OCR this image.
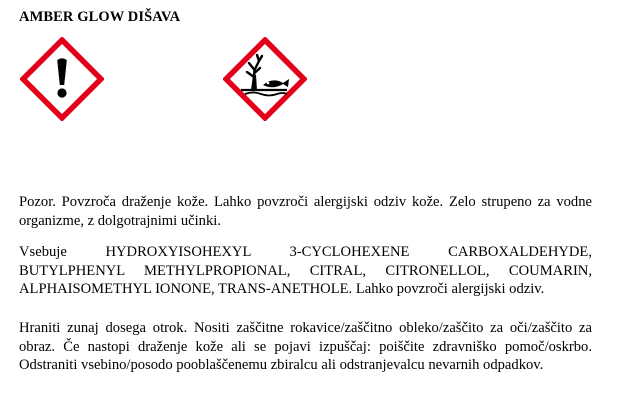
AMBER GLOW DIŠAVA

Pozor. Povzroča draženje kože. Lahko povzroči alergijski odziv kože. Zelo strupeno za vodne organizme, z dolgotrajnimi učinki.

Vsebuje HYDROXYISOHEXYL 3-CYCLOHEXENE CARBOXALDEHYDE, BUTYLPHENYL METHYLPROPIONAL, CITRAL, CITRONELLOL, COUMARIN, ALPHAISOMETHYL IONONE, TRANS-ANETHOLE. Lahko povzroči alergijski odziv.

Hraniti zunaj dosega otrok. Nositi zaščitne rokavice/zaščitno obleko/zaščito za oči/zaščito za obraz. Če nastopi draženje kože ali se pojavi izpuščaj: poiščite zdravniško pomoč/oskrbo. Odstraniti vsebino/posodo pooblaščenemu zbiralcu ali odstranjevalcu nevarnih odpadkov.
